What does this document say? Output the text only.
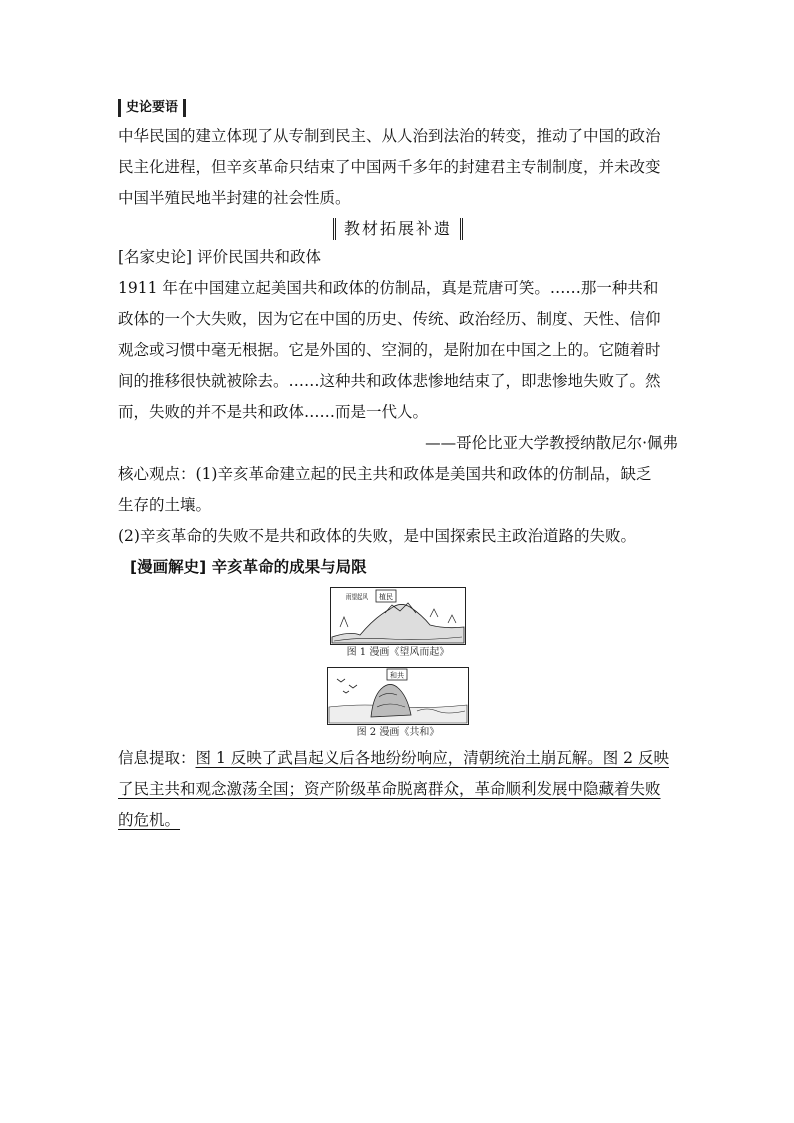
史论要语
中华民国的建立体现了从专制到民主、从人治到法治的转变，推动了中国的政治
民主化进程，但辛亥革命只结束了中国两千多年的封建君主专制制度，并未改变
中国半殖民地半封建的社会性质。
教材拓展补遗
[名家史论] 评价民国共和政体
1911 年在中国建立起美国共和政体的仿制品，真是荒唐可笑。……那一种共和
政体的一个大失败，因为它在中国的历史、传统、政治经历、制度、天性、信仰
观念或习惯中毫无根据。它是外国的、空洞的，是附加在中国之上的。它随着时
间的推移很快就被除去。……这种共和政体悲惨地结束了，即悲惨地失败了。然
而，失败的并不是共和政体……而是一代人。
——哥伦比亚大学教授纳散尼尔·佩弗
核心观点：(1)辛亥革命建立起的民主共和政体是美国共和政体的仿制品，缺乏
生存的土壤。
(2)辛亥革命的失败不是共和政体的失败，是中国探索民主政治道路的失败。
[漫画解史] 辛亥革命的成果与局限
植民
雨望起风
图 1 漫画《望风而起》
和共
图 2 漫画《共和》
信息提取：图 1 反映了武昌起义后各地纷纷响应，清朝统治土崩瓦解。图 2 反映
了民主共和观念激荡全国；资产阶级革命脱离群众，革命顺利发展中隐藏着失败
的危机。
